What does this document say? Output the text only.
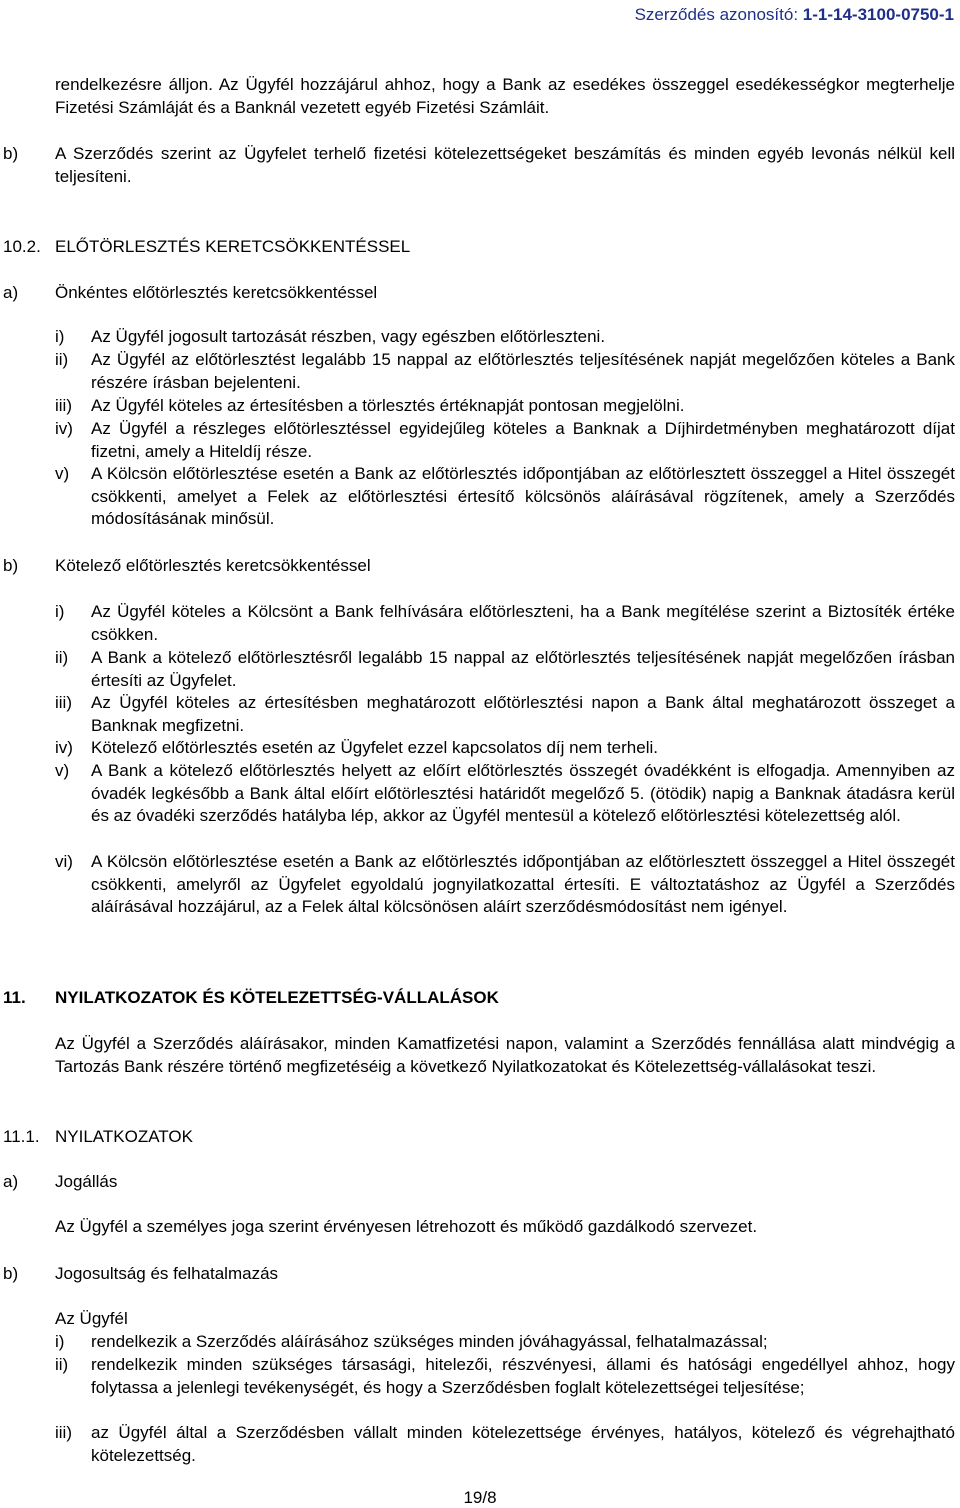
Szerződés azonosító: 1-1-14-3100-0750-1
rendelkezésre álljon. Az Ügyfél hozzájárul ahhoz, hogy a Bank az esedékes összeggel esedékességkor megterhelje Fizetési Számláját és a Banknál vezetett egyéb Fizetési Számláit.
b) A Szerződés szerint az Ügyfelet terhelő fizetési kötelezettségeket beszámítás és minden egyéb levonás nélkül kell teljesíteni.
10.2. ELŐTÖRLESZTÉS KERETCSÖKKENTÉSSEL
a) Önkéntes előtörlesztés keretcsökkentéssel
i) Az Ügyfél jogosult tartozását részben, vagy egészben előtörleszteni.
ii) Az Ügyfél az előtörlesztést legalább 15 nappal az előtörlesztés teljesítésének napját megelőzően köteles a Bank részére írásban bejelenteni.
iii) Az Ügyfél köteles az értesítésben a törlesztés értéknapját pontosan megjelölni.
iv) Az Ügyfél a részleges előtörlesztéssel egyidejűleg köteles a Banknak a Díjhirdetményben meghatározott díjat fizetni, amely a Hiteldíj része.
v) A Kölcsön előtörlesztése esetén a Bank az előtörlesztés időpontjában az előtörlesztett összeggel a Hitel összegét csökkenti, amelyet a Felek az előtörlesztési értesítő kölcsönös aláírásával rögzítenek, amely a Szerződés módosításának minősül.
b) Kötelező előtörlesztés keretcsökkentéssel
i) Az Ügyfél köteles a Kölcsönt a Bank felhívására előtörleszteni, ha a Bank megítélése szerint a Biztosíték értéke csökken.
ii) A Bank a kötelező előtörlesztésről legalább 15 nappal az előtörlesztés teljesítésének napját megelőzően írásban értesíti az Ügyfelet.
iii) Az Ügyfél köteles az értesítésben meghatározott előtörlesztési napon a Bank által meghatározott összeget a Banknak megfizetni.
iv) Kötelező előtörlesztés esetén az Ügyfelet ezzel kapcsolatos díj nem terheli.
v) A Bank a kötelező előtörlesztés helyett az előírt előtörlesztés összegét óvadékként is elfogadja. Amennyiben az óvadék legkésőbb a Bank által előírt előtörlesztési határidőt megelőző 5. (ötödik) napig a Banknak átadásra kerül és az óvadéki szerződés hatályba lép, akkor az Ügyfél mentesül a kötelező előtörlesztési kötelezettség alól.
vi) A Kölcsön előtörlesztése esetén a Bank az előtörlesztés időpontjában az előtörlesztett összeggel a Hitel összegét csökkenti, amelyről az Ügyfelet egyoldalú jognyilatkozattal értesíti. E változtatáshoz az Ügyfél a Szerződés aláírásával hozzájárul, az a Felek által kölcsönösen aláírt szerződésmódosítást nem igényel.
11. NYILATKOZATOK ÉS KÖTELEZETTSÉG-VÁLLALÁSOK
Az Ügyfél a Szerződés aláírásakor, minden Kamatfizetési napon, valamint a Szerződés fennállása alatt mindvégig a Tartozás Bank részére történő megfizetéséig a következő Nyilatkozatokat és Kötelezettség-vállalásokat teszi.
11.1. NYILATKOZATOK
a) Jogállás
Az Ügyfél a személyes joga szerint érvényesen létrehozott és működő gazdálkodó szervezet.
b) Jogosultság és felhatalmazás
Az Ügyfél
i) rendelkezik a Szerződés aláírásához szükséges minden jóváhagyással, felhatalmazással;
ii) rendelkezik minden szükséges társasági, hitelezői, részvényesi, állami és hatósági engedéllyel ahhoz, hogy folytassa a jelenlegi tevékenységét, és hogy a Szerződésben foglalt kötelezettségei teljesítése;
iii) az Ügyfél által a Szerződésben vállalt minden kötelezettsége érvényes, hatályos, kötelező és végrehajtható kötelezettség.
19/8
